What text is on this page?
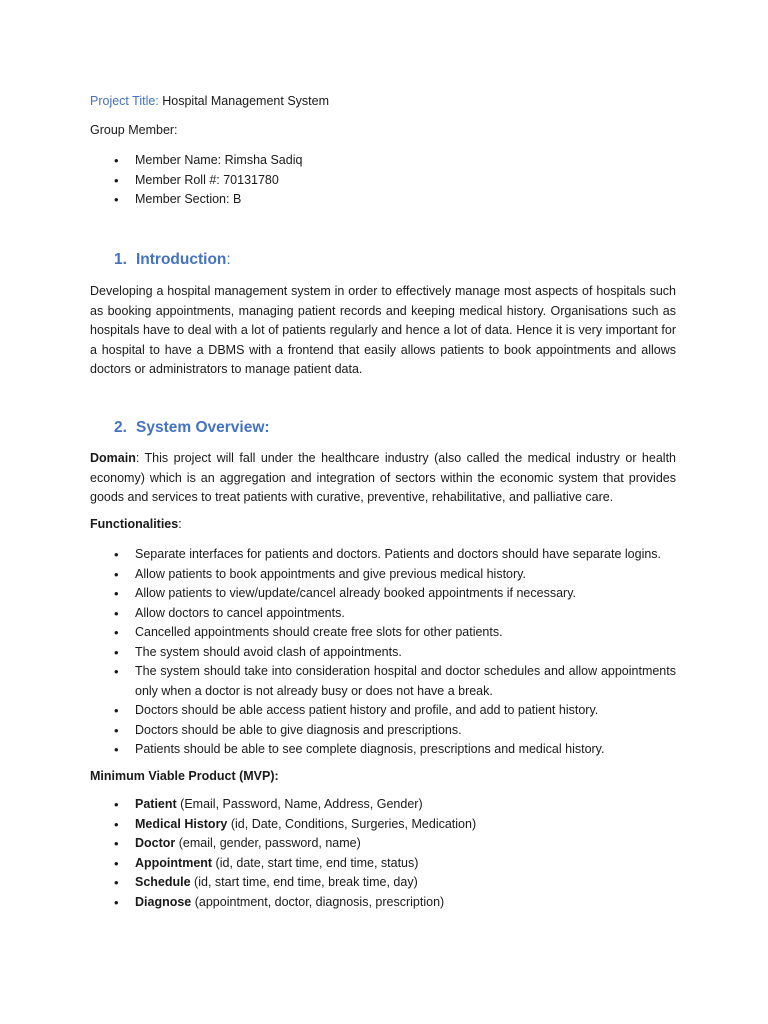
Project Title: Hospital Management System
Group Member:
• Member Name: Rimsha Sadiq
• Member Roll #: 70131780
• Member Section: B
1. Introduction:

Developing a hospital management system in order to effectively manage most aspects of hospitals such as booking appointments, managing patient records and keeping medical history. Organisations such as hospitals have to deal with a lot of patients regularly and hence a lot of data. Hence it is very important for a hospital to have a DBMS with a frontend that easily allows patients to book appointments and allows doctors or administrators to manage patient data.

2. System Overview:

Domain: This project will fall under the healthcare industry (also called the medical industry or health economy) which is an aggregation and integration of sectors within the economic system that provides goods and services to treat patients with curative, preventive, rehabilitative, and palliative care.

Functionalities:
• Separate interfaces for patients and doctors. Patients and doctors should have separate logins.
• Allow patients to book appointments and give previous medical history.
• Allow patients to view/update/cancel already booked appointments if necessary.
• Allow doctors to cancel appointments.
• Cancelled appointments should create free slots for other patients.
• The system should avoid clash of appointments.
• The system should take into consideration hospital and doctor schedules and allow appointments only when a doctor is not already busy or does not have a break.
• Doctors should be able access patient history and profile, and add to patient history.
• Doctors should be able to give diagnosis and prescriptions.
• Patients should be able to see complete diagnosis, prescriptions and medical history.
Minimum Viable Product (MVP):
• Patient (Email, Password, Name, Address, Gender)
• Medical History (id, Date, Conditions, Surgeries, Medication)
• Doctor (email, gender, password, name)
• Appointment (id, date, start time, end time, status)
• Schedule (id, start time, end time, break time, day)
• Diagnose (appointment, doctor, diagnosis, prescription)
